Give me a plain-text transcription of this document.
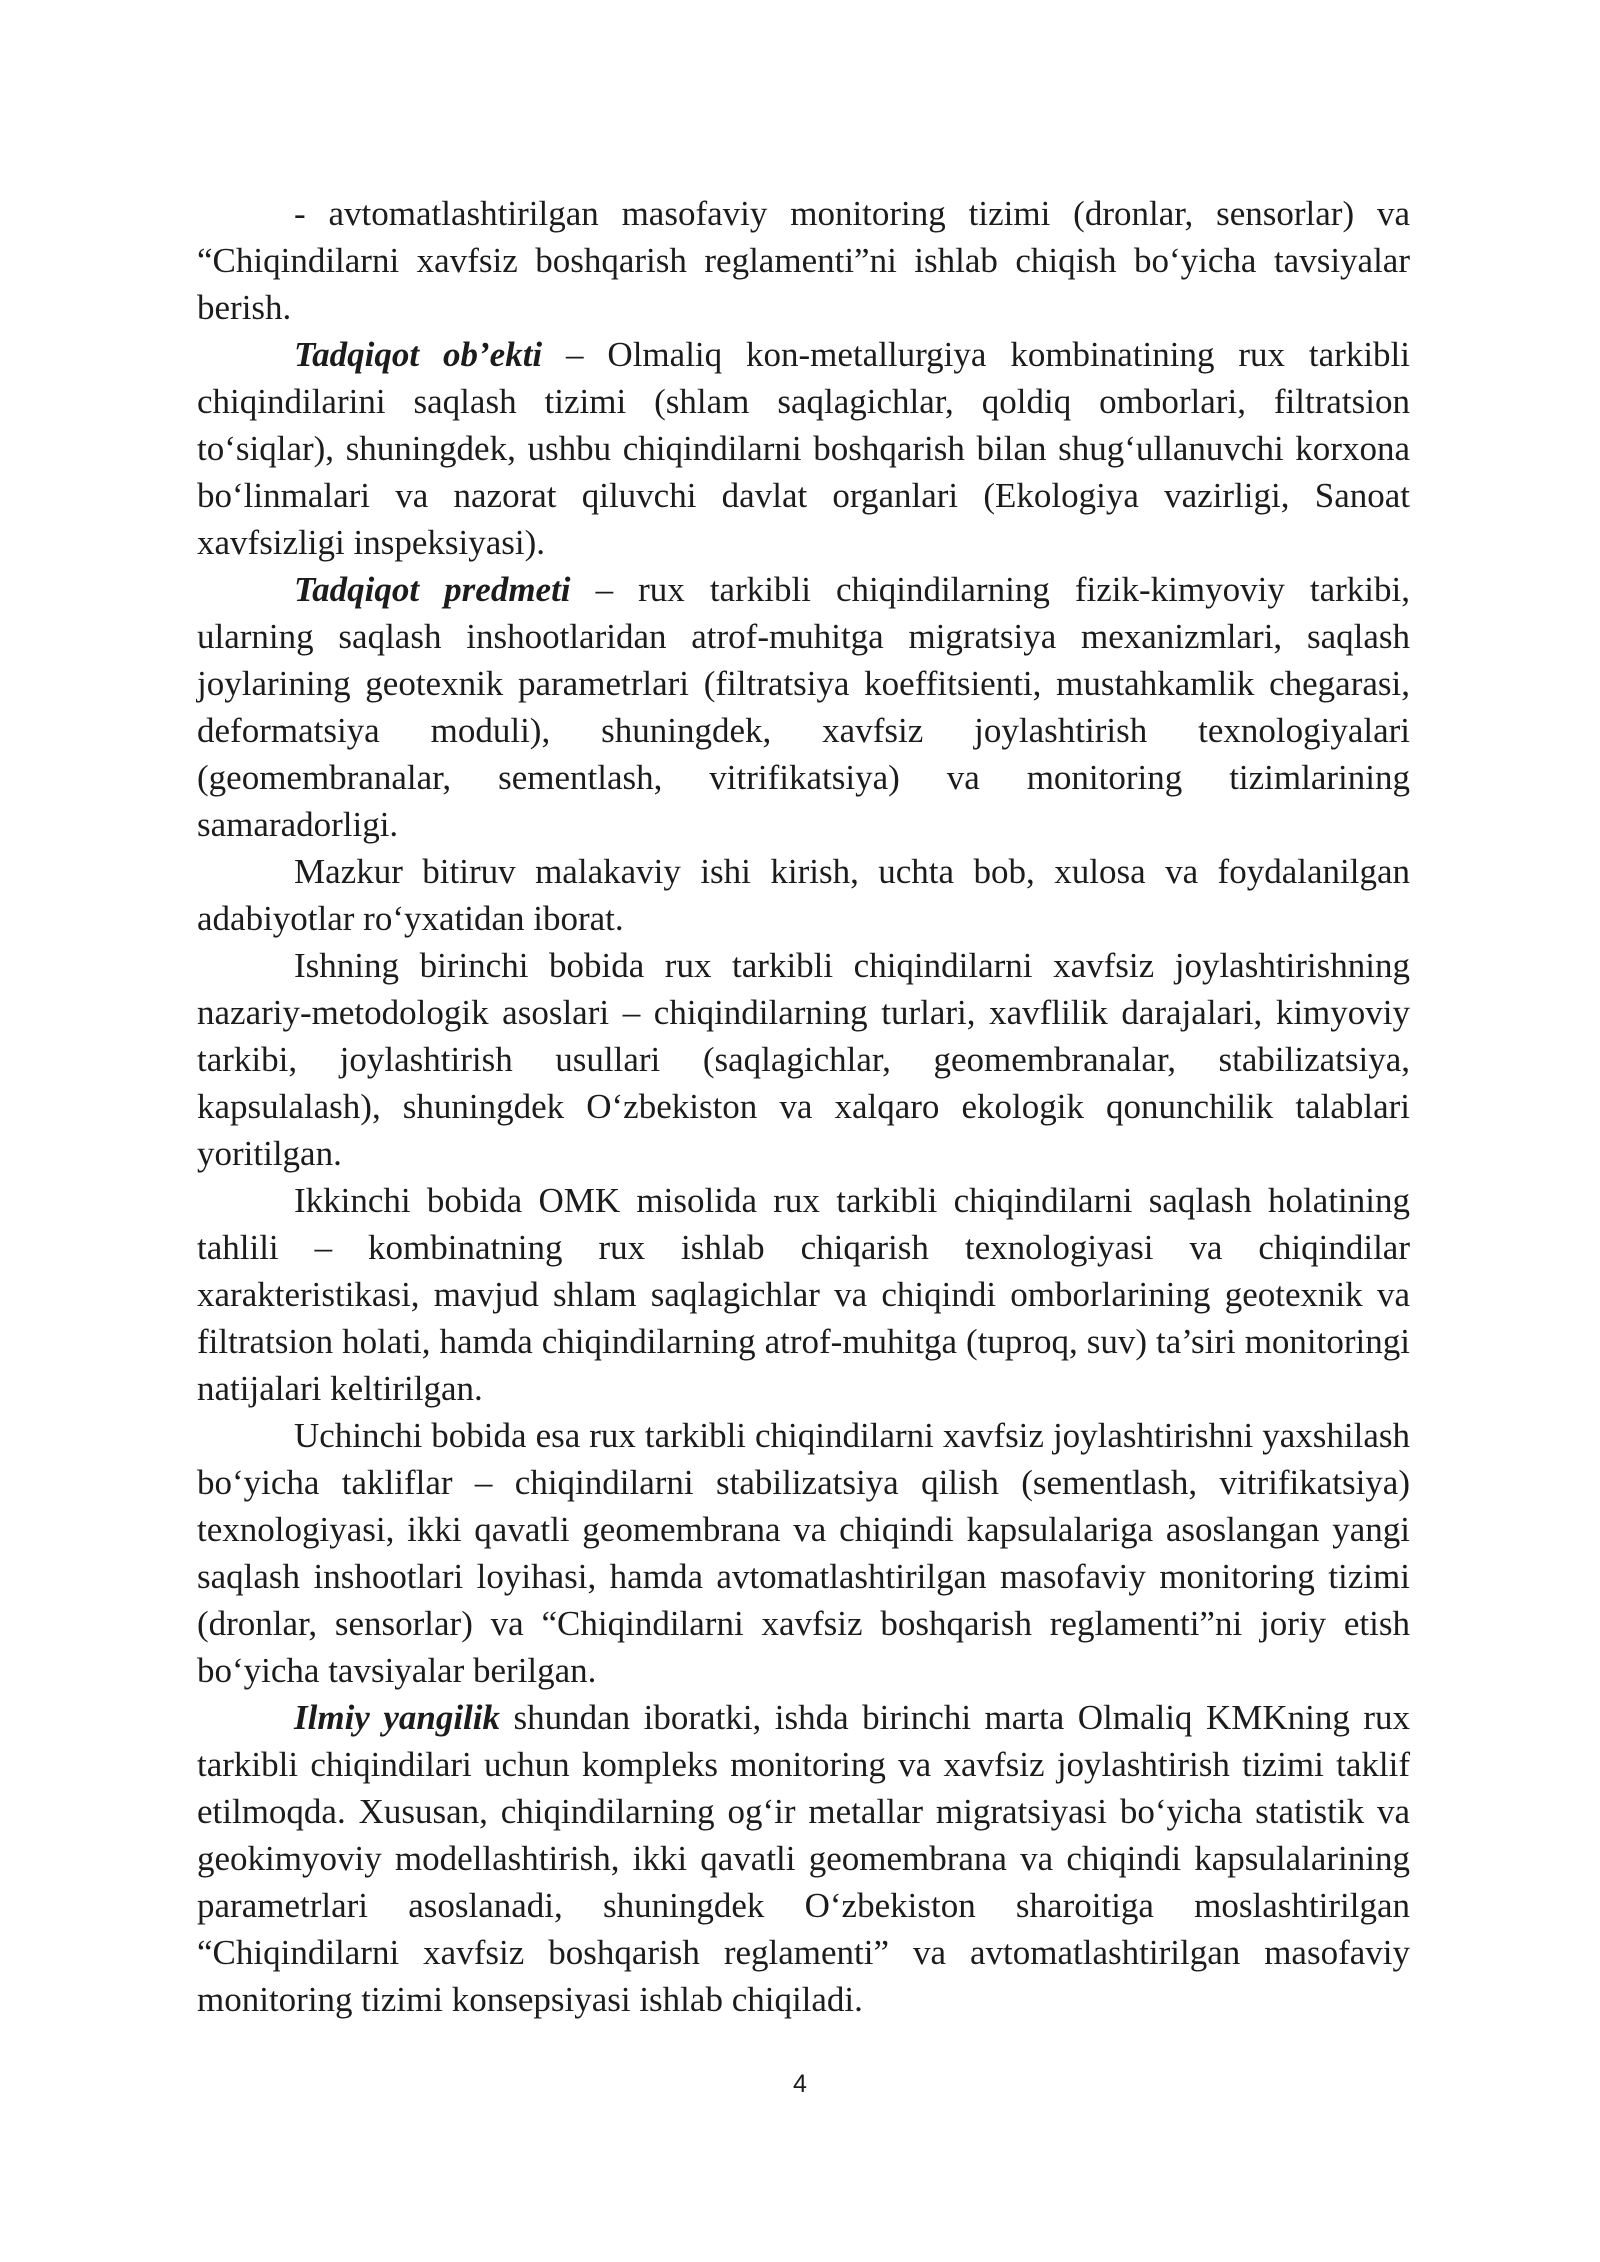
- avtomatlashtirilgan masofaviy monitoring tizimi (dronlar, sensorlar) va “Chiqindilarni xavfsiz boshqarish reglamenti”ni ishlab chiqish bo‘yicha tavsiyalar berish.

Tadqiqot ob’ekti – Olmaliq kon-metallurgiya kombinatining rux tarkibli chiqindilarini saqlash tizimi (shlam saqlagichlar, qoldiq omborlari, filtratsion to‘siqlar), shuningdek, ushbu chiqindilarni boshqarish bilan shug‘ullanuvchi korxona bo‘linmalari va nazorat qiluvchi davlat organlari (Ekologiya vazirligi, Sanoat xavfsizligi inspeksiyasi).

Tadqiqot predmeti – rux tarkibli chiqindilarning fizik-kimyoviy tarkibi, ularning saqlash inshootlaridan atrof-muhitga migratsiya mexanizmlari, saqlash joylarining geotexnik parametrlari (filtratsiya koeffitsienti, mustahkamlik chegarasi, deformatsiya moduli), shuningdek, xavfsiz joylashtirish texnologiyalari (geomembranalar, sementlash, vitrifikatsiya) va monitoring tizimlarining samaradorligi.

Mazkur bitiruv malakaviy ishi kirish, uchta bob, xulosa va foydalanilgan adabiyotlar ro‘yxatidan iborat.

Ishning birinchi bobida rux tarkibli chiqindilarni xavfsiz joylashtirishning nazariy-metodologik asoslari – chiqindilarning turlari, xavflilik darajalari, kimyoviy tarkibi, joylashtirish usullari (saqlagichlar, geomembranalar, stabilizatsiya, kapsulalash), shuningdek O‘zbekiston va xalqaro ekologik qonunchilik talablari yoritilgan.

Ikkinchi bobida OMK misolida rux tarkibli chiqindilarni saqlash holatining tahlili – kombinatning rux ishlab chiqarish texnologiyasi va chiqindilar xarakteristikasi, mavjud shlam saqlagichlar va chiqindi omborlarining geotexnik va filtratsion holati, hamda chiqindilarning atrof-muhitga (tuproq, suv) ta’siri monitoringi natijalari keltirilgan.

Uchinchi bobida esa rux tarkibli chiqindilarni xavfsiz joylashtirishni yaxshilash bo‘yicha takliflar – chiqindilarni stabilizatsiya qilish (sementlash, vitrifikatsiya) texnologiyasi, ikki qavatli geomembrana va chiqindi kapsulalariga asoslangan yangi saqlash inshootlari loyihasi, hamda avtomatlashtirilgan masofaviy monitoring tizimi (dronlar, sensorlar) va “Chiqindilarni xavfsiz boshqarish reglamenti”ni joriy etish bo‘yicha tavsiyalar berilgan.

Ilmiy yangilik shundan iboratki, ishda birinchi marta Olmaliq KMKning rux tarkibli chiqindilari uchun kompleks monitoring va xavfsiz joylashtirish tizimi taklif etilmoqda. Xususan, chiqindilarning og‘ir metallar migratsiyasi bo‘yicha statistik va geokimyoviy modellashtirish, ikki qavatli geomembrana va chiqindi kapsulalarining parametrlari asoslanadi, shuningdek O‘zbekiston sharoitiga moslashtirilgan “Chiqindilarni xavfsiz boshqarish reglamenti” va avtomatlashtirilgan masofaviy monitoring tizimi konsepsiyasi ishlab chiqiladi.

4
